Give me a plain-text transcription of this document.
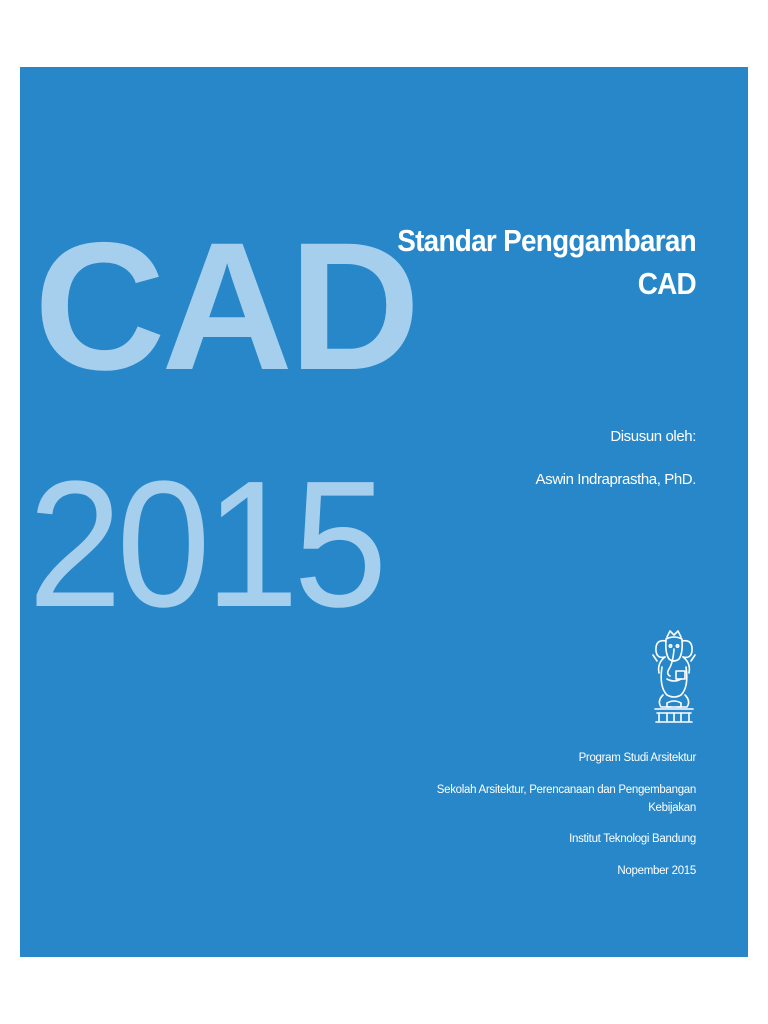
CAD
2015
Standar Penggambaran
CAD
Disusun oleh:
Aswin Indraprastha, PhD.
Program Studi Arsitektur
Sekolah Arsitektur, Perencanaan dan Pengembangan
Kebijakan
Institut Teknologi Bandung
Nopember 2015
